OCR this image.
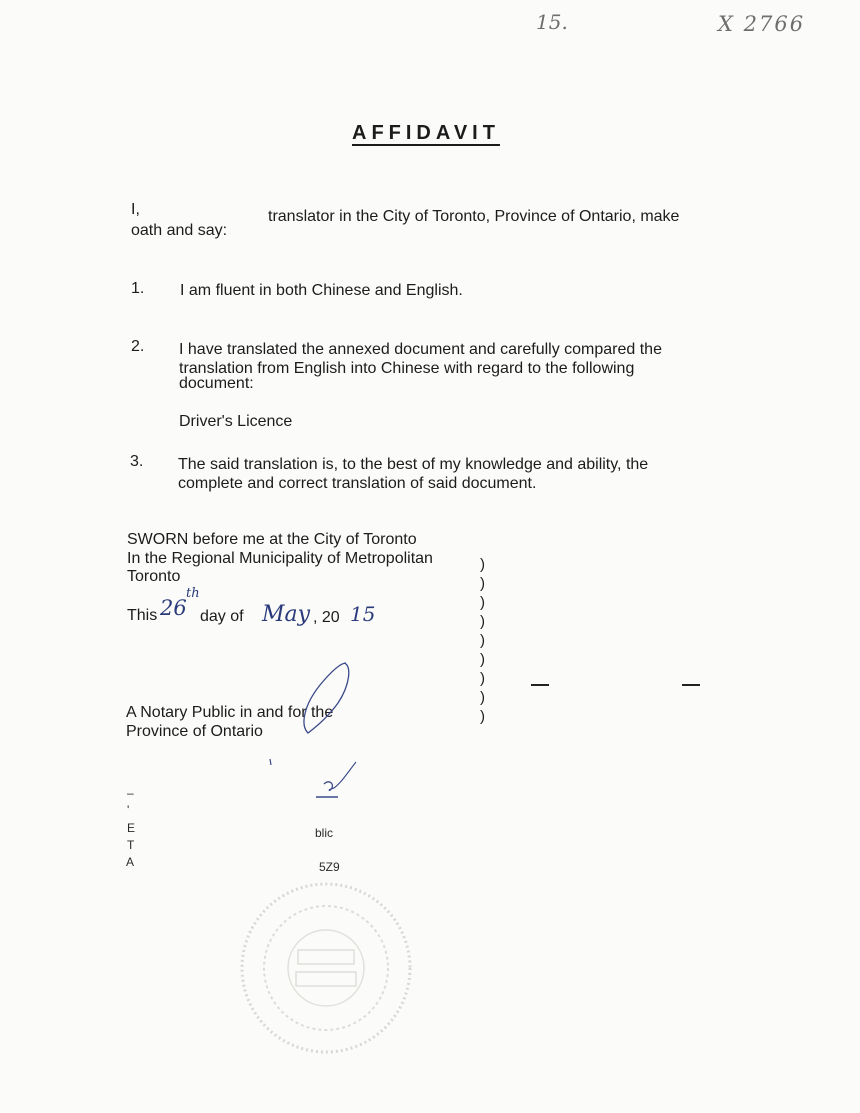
15.	X 2766
AFFIDAVIT
I,	translator in the City of Toronto, Province of Ontario, make
oath and say:
1. I am fluent in both Chinese and English.
2. I have translated the annexed document and carefully compared the
translation from English into Chinese with regard to the following
document:
Driver's Licence
3. The said translation is, to the best of my knowledge and ability, the
complete and correct translation of said document.
SWORN before me at the City of Toronto
In the Regional Municipality of Metropolitan
Toronto
This 26
th
day of May , 20 15
A Notary Public in and for the
Province of Ontario
)
)
)
)
)
)
)
)
)
–
'
E
T
A
blic
5Z9
